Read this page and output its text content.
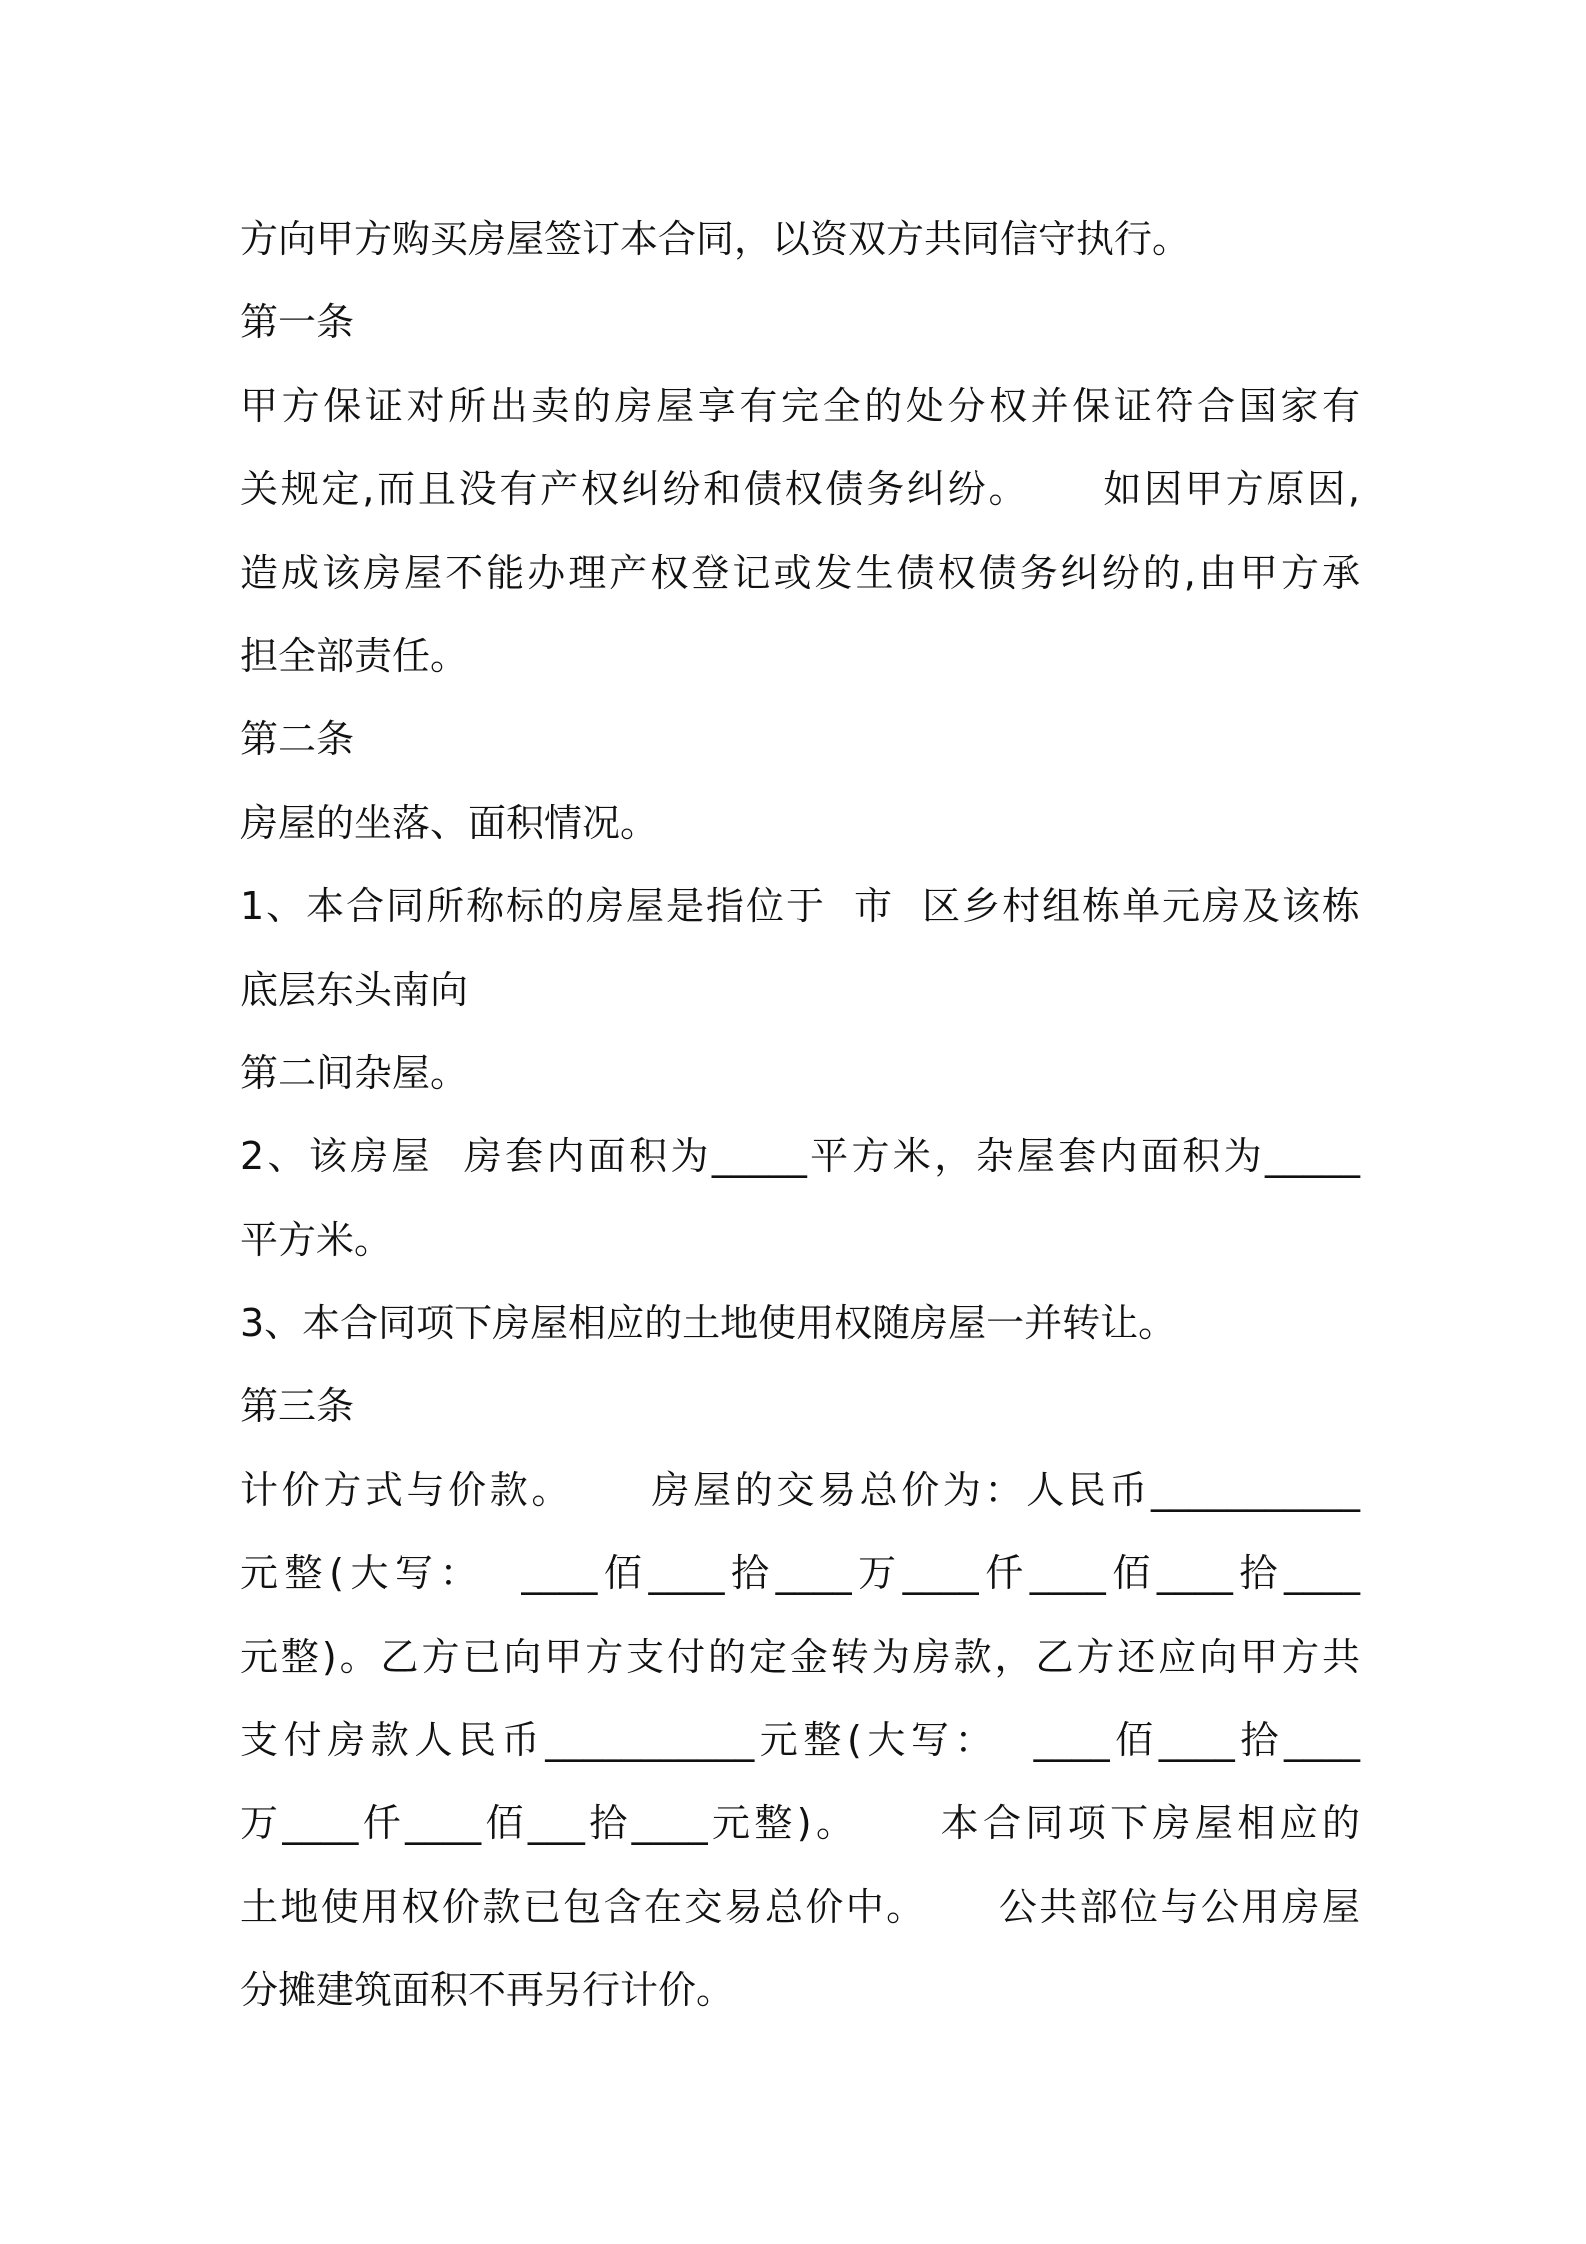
方向甲方购买房屋签订本合同，以资双方共同信守执行。
第一条
甲方保证对所出卖的房屋享有完全的处分权并保证符合国家有
关规定,而且没有产权纠纷和债权债务纠纷。     如因甲方原因,
造成该房屋不能办理产权登记或发生债权债务纠纷的,由甲方承
担全部责任。
第二条
房屋的坐落、面积情况。
1、本合同所称标的房屋是指位于  市  区乡村组栋单元房及该栋
底层东头南向
第二间杂屋。
2、该房屋  房套内面积为_____平方米，杂屋套内面积为_____
平方米。
3、本合同项下房屋相应的土地使用权随房屋一并转让。
第三条
计价方式与价款。     房屋的交易总价为：人民币___________
元整(大写：  ____佰____拾____万____仟____佰____拾____
元整)。乙方已向甲方支付的定金转为房款，乙方还应向甲方共
支付房款人民币___________元整(大写：  ____佰____拾____
万____仟____佰___拾____元整)。     本合同项下房屋相应的
土地使用权价款已包含在交易总价中。     公共部位与公用房屋
分摊建筑面积不再另行计价。
